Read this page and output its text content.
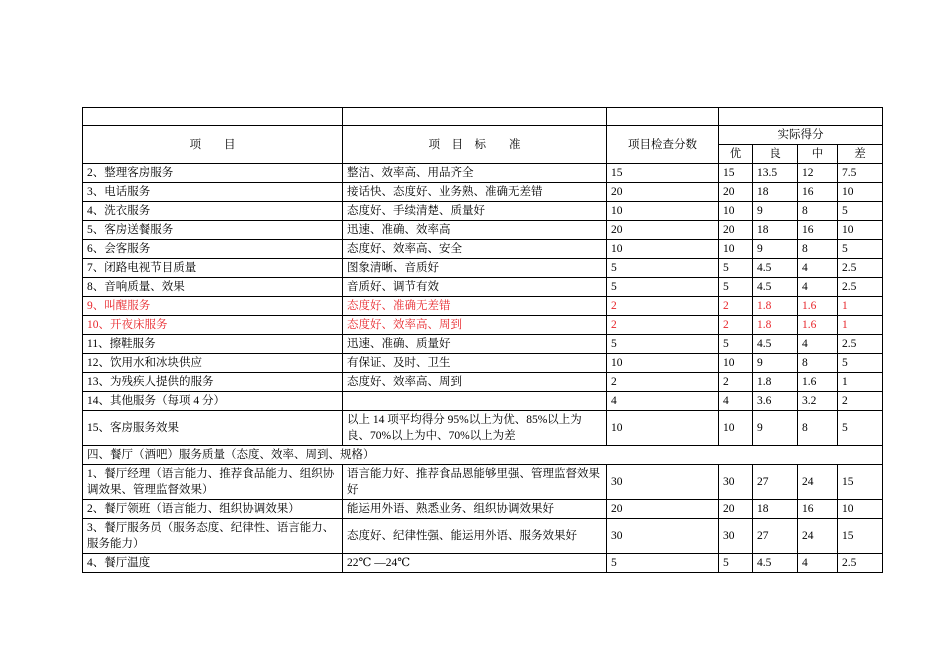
项　　目	项　目　标　　准	项目检查分数	实际得分			
			优	良	中	差
2、整理客房服务	整洁、效率高、用品齐全	15	15	13.5	12	7.5
3、电话服务	接话快、态度好、业务熟、准确无差错	20	20	18	16	10
4、洗衣服务	态度好、手续清楚、质量好	10	10	9	8	5
5、客房送餐服务	迅速、准确、效率高	20	20	18	16	10
6、会客服务	态度好、效率高、安全	10	10	9	8	5
7、闭路电视节目质量	图象清晰、音质好	5	5	4.5	4	2.5
8、音响质量、效果	音质好、调节有效	5	5	4.5	4	2.5
9、叫醒服务	态度好、准确无差错	2	2	1.8	1.6	1
10、开夜床服务	态度好、效率高、周到	2	2	1.8	1.6	1
11、擦鞋服务	迅速、准确、质量好	5	5	4.5	4	2.5
12、饮用水和冰块供应	有保证、及时、卫生	10	10	9	8	5
13、为残疾人提供的服务	态度好、效率高、周到	2	2	1.8	1.6	1
14、其他服务（每项 4 分）		4	4	3.6	3.2	2
15、客房服务效果	以上 14 项平均得分 95%以上为优、85%以上为良、70%以上为中、70%以上为差	10	10	9	8	5
四、餐厅（酒吧）服务质量（态度、效率、周到、规格）						
1、餐厅经理（语言能力、推荐食品能力、组织协调效果、管理监督效果）	语言能力好、推荐食品恩能够里强、管理监督效果好	30	30	27	24	15
2、餐厅领班（语言能力、组织协调效果）	能运用外语、熟悉业务、组织协调效果好	20	20	18	16	10
3、餐厅服务员（服务态度、纪律性、语言能力、服务能力）	态度好、纪律性强、能运用外语、服务效果好	30	30	27	24	15
4、餐厅温度	22℃ —24℃	5	5	4.5	4	2.5
